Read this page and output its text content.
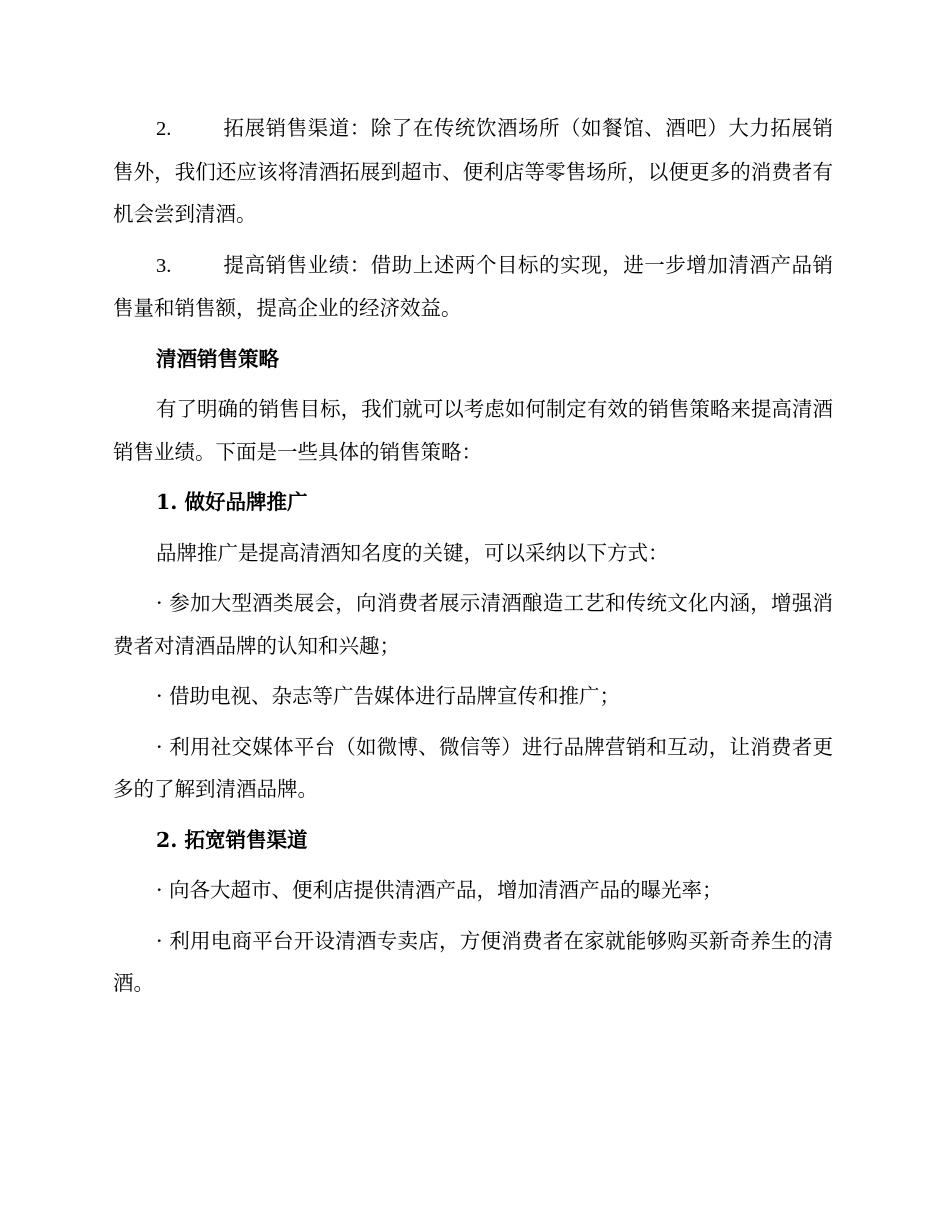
2.	拓展销售渠道：除了在传统饮酒场所（如餐馆、酒吧）大力拓展销售外，我们还应该将清酒拓展到超市、便利店等零售场所，以便更多的消费者有机会尝到清酒。

3.	提高销售业绩：借助上述两个目标的实现，进一步增加清酒产品销售量和销售额，提高企业的经济效益。

清酒销售策略

有了明确的销售目标，我们就可以考虑如何制定有效的销售策略来提高清酒销售业绩。下面是一些具体的销售策略：

1. 做好品牌推广

品牌推广是提高清酒知名度的关键，可以采纳以下方式：

· 参加大型酒类展会，向消费者展示清酒酿造工艺和传统文化内涵，增强消费者对清酒品牌的认知和兴趣；

· 借助电视、杂志等广告媒体进行品牌宣传和推广；

· 利用社交媒体平台（如微博、微信等）进行品牌营销和互动，让消费者更多的了解到清酒品牌。

2. 拓宽销售渠道

· 向各大超市、便利店提供清酒产品，增加清酒产品的曝光率；

· 利用电商平台开设清酒专卖店，方便消费者在家就能够购买新奇养生的清酒。
